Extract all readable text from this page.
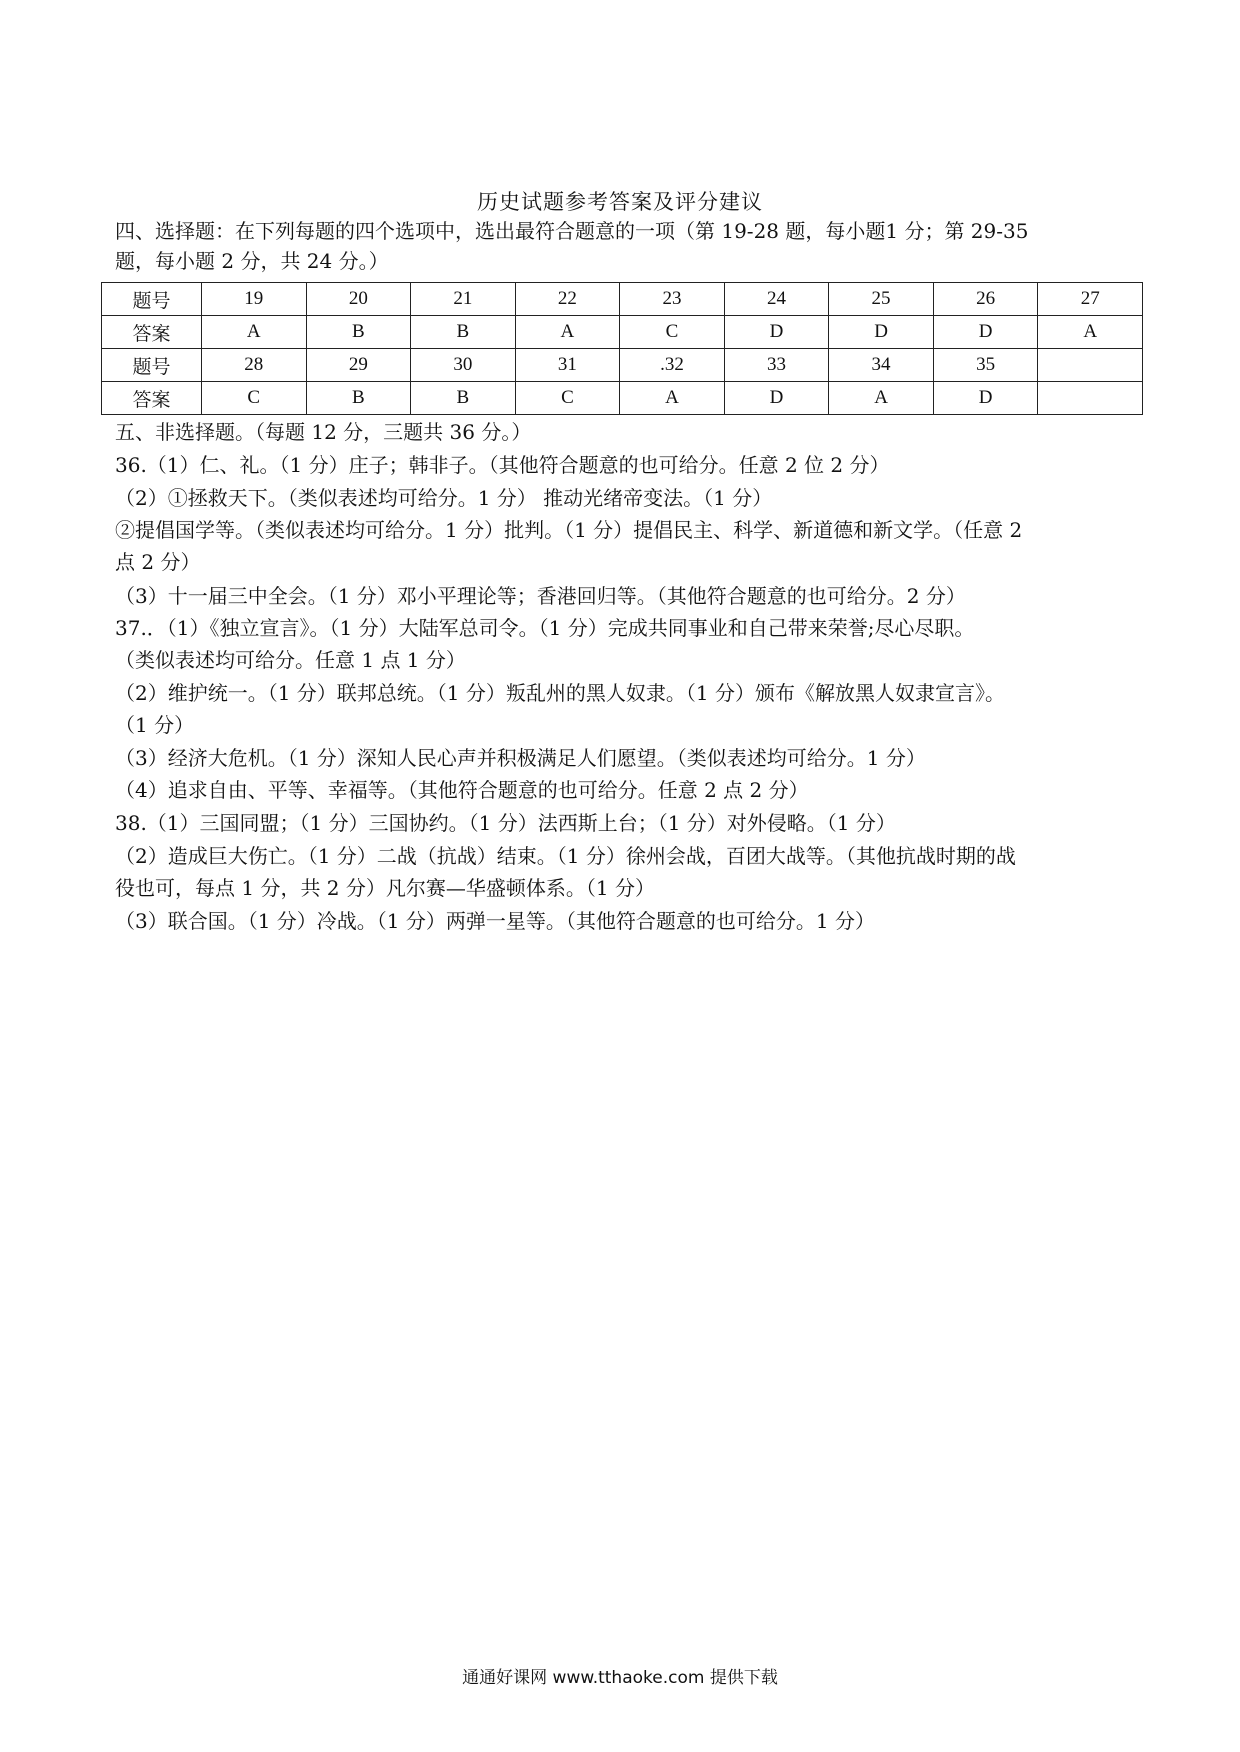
历史试题参考答案及评分建议
四、选择题：在下列每题的四个选项中，选出最符合题意的一项（第 19-28 题，每小题1 分；第 29-35
题，每小题 2 分，共 24 分。）
题号	19	20	21	22	23	24	25	26	27
答案	A	B	B	A	C	D	D	D	A
题号	28	29	30	31	.32	33	34	35	
答案	C	B	B	C	A	D	A	D	
五、非选择题。（每题 12 分，三题共 36 分。）
36.（1）仁、礼。（1 分）庄子；韩非子。（其他符合题意的也可给分。任意 2 位 2 分）
（2）①拯救天下。（类似表述均可给分。1 分） 推动光绪帝变法。（1 分）
②提倡国学等。（类似表述均可给分。1 分）批判。（1 分）提倡民主、科学、新道德和新文学。（任意 2
点 2 分）
（3）十一届三中全会。（1 分）邓小平理论等；香港回归等。（其他符合题意的也可给分。2 分）
37.．（1）《独立宣言》。（1 分）大陆军总司令。（1 分）完成共同事业和自己带来荣誉;尽心尽职。
（类似表述均可给分。任意 1 点 1 分）
（2）维护统一。（1 分）联邦总统。（1 分）叛乱州的黑人奴隶。（1 分）颁布《解放黑人奴隶宣言》。
（1 分）
（3）经济大危机。（1 分）深知人民心声并积极满足人们愿望。（类似表述均可给分。1 分）
（4）追求自由、平等、幸福等。（其他符合题意的也可给分。任意 2 点 2 分）
38.（1）三国同盟；（1 分）三国协约。（1 分）法西斯上台；（1 分）对外侵略。（1 分）
（2）造成巨大伤亡。（1 分）二战（抗战）结束。（1 分）徐州会战，百团大战等。（其他抗战时期的战
役也可，每点 1 分，共 2 分）凡尔赛—华盛顿体系。（1 分）
（3）联合国。（1 分）冷战。（1 分）两弹一星等。（其他符合题意的也可给分。1 分）
通通好课网 www.tthaoke.com 提供下载
